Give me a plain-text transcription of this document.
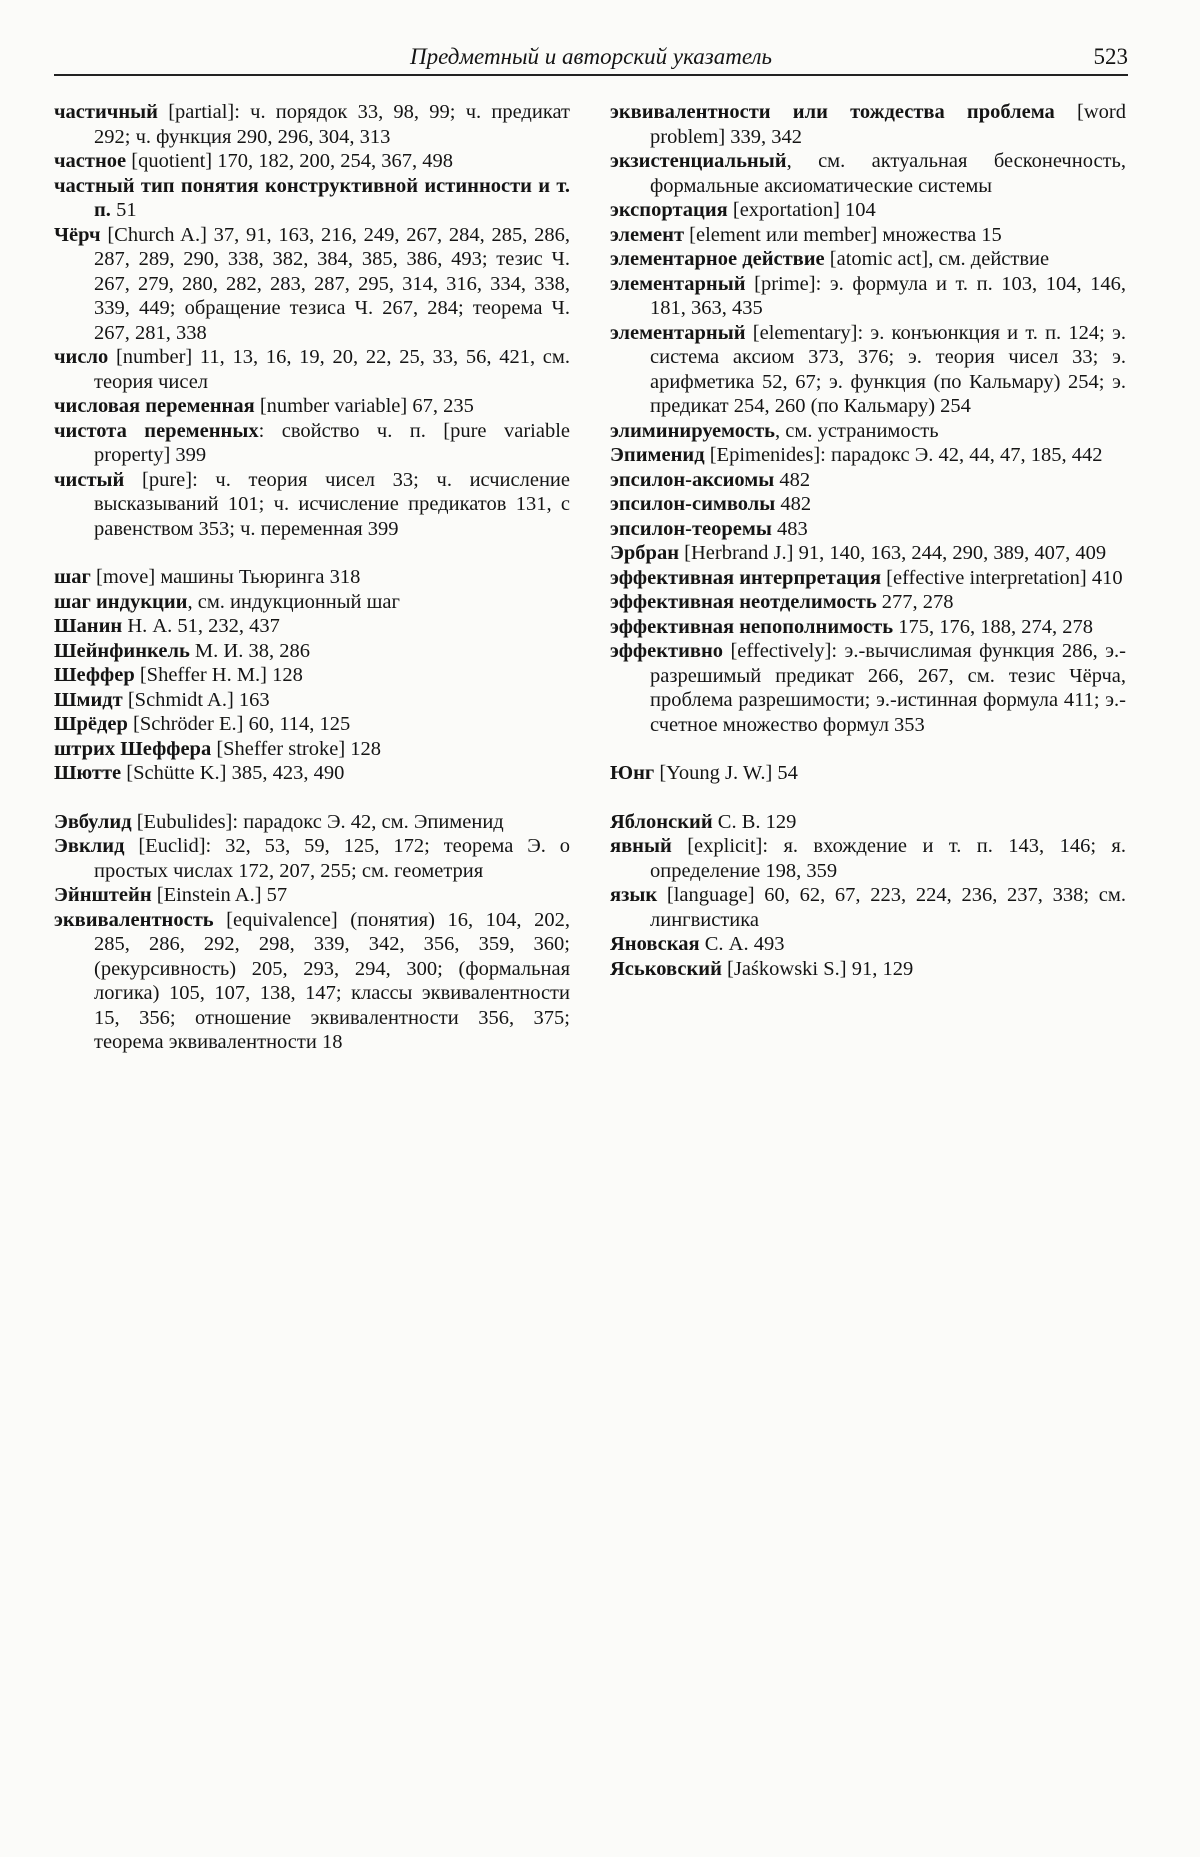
Предметный и авторский указатель	523

частичный [partial]: ч. порядок 33, 98, 99; ч. предикат 292; ч. функция 290, 296, 304, 313

частное [quotient] 170, 182, 200, 254, 367, 498

частный тип понятия конструктивной истинности и т. п. 51

Чёрч [Church A.] 37, 91, 163, 216, 249, 267, 284, 285, 286, 287, 289, 290, 338, 382, 384, 385, 386, 493; тезис Ч. 267, 279, 280, 282, 283, 287, 295, 314, 316, 334, 338, 339, 449; обращение тезиса Ч. 267, 284; теорема Ч. 267, 281, 338

число [number] 11, 13, 16, 19, 20, 22, 25, 33, 56, 421, см. теория чисел

числовая переменная [number variable] 67, 235

чистота переменных: свойство ч. п. [pure variable property] 399

чистый [pure]: ч. теория чисел 33; ч. исчисление высказываний 101; ч. исчисление предикатов 131, с равенством 353; ч. переменная 399

шаг [move] машины Тьюринга 318

шаг индукции, см. индукционный шаг

Шанин Н. А. 51, 232, 437

Шейнфинкель М. И. 38, 286

Шеффер [Sheffer H. M.] 128

Шмидт [Schmidt A.] 163

Шрёдер [Schröder E.] 60, 114, 125

штрих Шеффера [Sheffer stroke] 128

Шютте [Schütte K.] 385, 423, 490

Эвбулид [Eubulides]: парадокс Э. 42, см. Эпименид

Эвклид [Euclid]: 32, 53, 59, 125, 172; теорема Э. о простых числах 172, 207, 255; см. геометрия

Эйнштейн [Einstein A.] 57

эквивалентность [equivalence] (понятия) 16, 104, 202, 285, 286, 292, 298, 339, 342, 356, 359, 360; (рекурсивность) 205, 293, 294, 300; (формальная логика) 105, 107, 138, 147; классы эквивалентности 15, 356; отношение эквивалентности 356, 375; теорема эквивалентности 18

эквивалентности или тождества проблема [word problem] 339, 342

экзистенциальный, см. актуальная бесконечность, формальные аксиоматические системы

экспортация [exportation] 104

элемент [element или member] множества 15

элементарное действие [atomic act], см. действие

элементарный [prime]: э. формула и т. п. 103, 104, 146, 181, 363, 435

элементарный [elementary]: э. конъюнкция и т. п. 124; э. система аксиом 373, 376; э. теория чисел 33; э. арифметика 52, 67; э. функция (по Кальмару) 254; э. предикат 254, 260 (по Кальмару) 254

элиминируемость, см. устранимость

Эпименид [Epimenides]: парадокс Э. 42, 44, 47, 185, 442

эпсилон-аксиомы 482

эпсилон-символы 482

эпсилон-теоремы 483

Эрбран [Herbrand J.] 91, 140, 163, 244, 290, 389, 407, 409

эффективная интерпретация [effective interpretation] 410

эффективная неотделимость 277, 278

эффективная непополнимость 175, 176, 188, 274, 278

эффективно [effectively]: э.-вычислимая функция 286, э.-разрешимый предикат 266, 267, см. тезис Чёрча, проблема разрешимости; э.-истинная формула 411; э.-счетное множество формул 353

Юнг [Young J. W.] 54

Яблонский С. В. 129

явный [explicit]: я. вхождение и т. п. 143, 146; я. определение 198, 359

язык [language] 60, 62, 67, 223, 224, 236, 237, 338; см. лингвистика

Яновская С. А. 493

Яськовский [Jaśkowski S.] 91, 129
